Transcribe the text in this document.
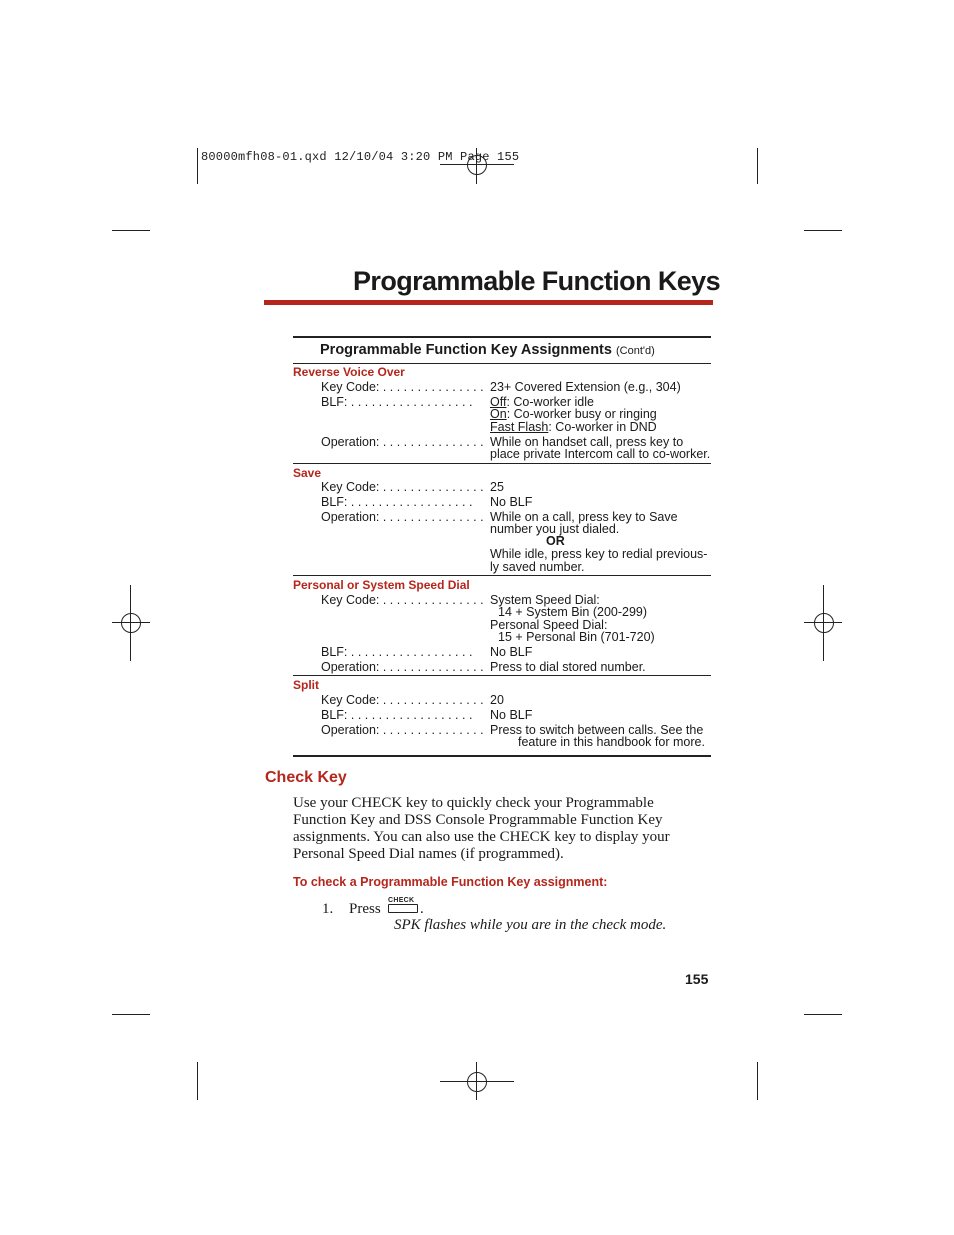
80000mfh08-01.qxd 12/10/04 3:20 PM Page 155
Programmable Function Keys
Programmable Function Key Assignments (Cont'd)
Reverse Voice Over
Key Code: . . . . . . . . . . . . . . . 23+ Covered Extension (e.g., 304)
BLF: . . . . . . . . . . . . . . . . . . Off: Co-worker idle
On: Co-worker busy or ringing
Fast Flash: Co-worker in DND
Operation: . . . . . . . . . . . . . . . While on handset call, press key to
place private Intercom call to co-worker.
Save
Key Code: . . . . . . . . . . . . . . . 25
BLF: . . . . . . . . . . . . . . . . . . No BLF
Operation: . . . . . . . . . . . . . . . While on a call, press key to Save
number you just dialed.
OR
While idle, press key to redial previous-
ly saved number.
Personal or System Speed Dial
Key Code: . . . . . . . . . . . . . . . System Speed Dial:
14 + System Bin (200-299)
Personal Speed Dial:
15 + Personal Bin (701-720)
BLF: . . . . . . . . . . . . . . . . . . No BLF
Operation: . . . . . . . . . . . . . . . Press to dial stored number.
Split
Key Code: . . . . . . . . . . . . . . . 20
BLF: . . . . . . . . . . . . . . . . . . No BLF
Operation: . . . . . . . . . . . . . . . Press to switch between calls. See the
feature in this handbook for more.
Check Key
Use your CHECK key to quickly check your Programmable
Function Key and DSS Console Programmable Function Key
assignments. You can also use the CHECK key to display your
Personal Speed Dial names (if programmed).
To check a Programmable Function Key assignment:
1. Press
CHECK
.
SPK flashes while you are in the check mode.
155
